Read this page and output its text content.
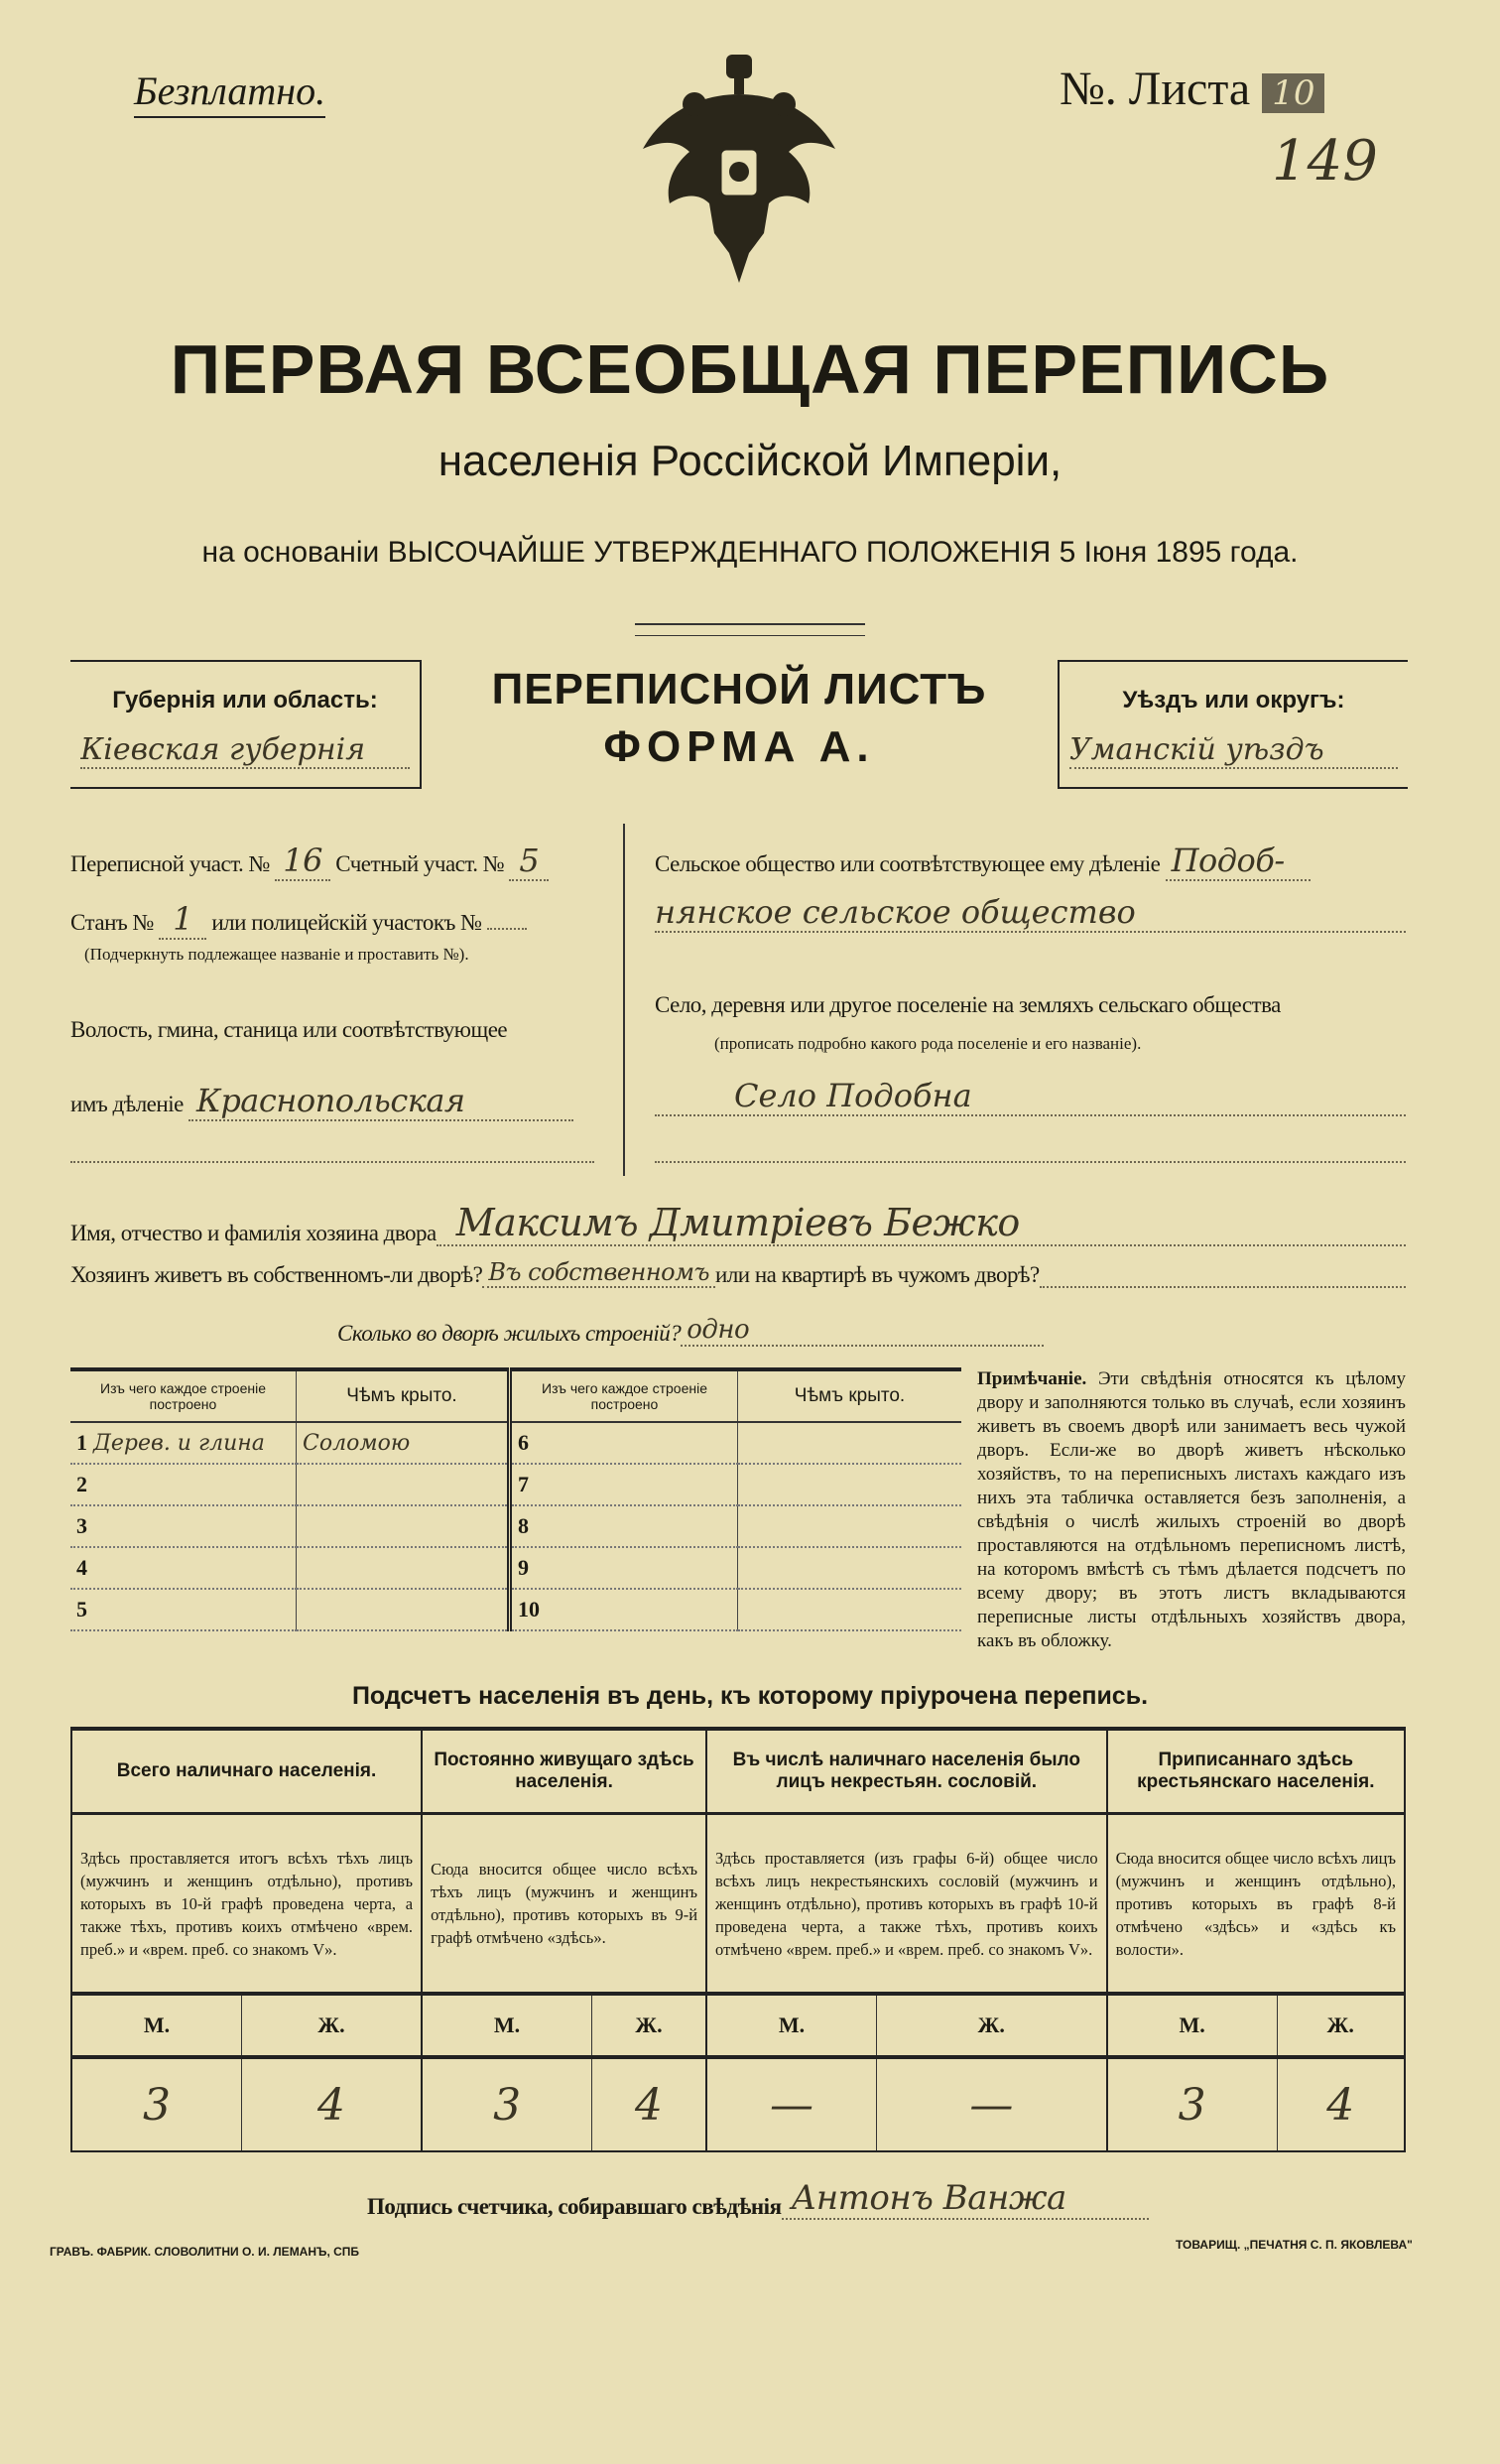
Безплатно.	№. Листа 10
149
ПЕРВАЯ ВСЕОБЩАЯ ПЕРЕПИСЬ
населенія Россійской Имперіи,
на основаніи ВЫСОЧАЙШЕ УТВЕРЖДЕННАГО ПОЛОЖЕНІЯ 5 Іюня 1895 года.
Губернія или область:
Кіевская губернія
ПЕРЕПИСНОЙ ЛИСТЪ
ФОРМА А.
Уѣздъ или округъ:
Уманскій уѣздъ
Переписной участ. № 16 Счетный участ. № 5
Станъ № 1 или полицейскій участокъ №
(Подчеркнуть подлежащее названіе и проставить №).
Волость, гмина, станица или соотвѣтствующее
имъ дѣленіе Краснопольская
Сельское общество или соотвѣтствующее ему дѣленіе Подоб-
нянское сельское общество
Село, деревня или другое поселеніе на земляхъ сельскаго общества
(прописать подробно какого рода поселеніе и его названіе).
Село Подобна
Имя, отчество и фамилія хозяина двора Максимъ Дмитріевъ Бежко
Хозяинъ живетъ въ собственномъ-ли дворѣ? Въ собственномъ или на квартирѣ въ чужомъ дворѣ?
Сколько во дворѣ жилыхъ строеній? одно
Изъ чего каждое строеніе построено	Чѣмъ крыто.	Изъ чего каждое строеніе построено	Чѣмъ крыто.
1 Дерев. и глина	Соломою	6	
2		7	
3		8	
4		9	
5		10	
Примѣчаніе. Эти свѣдѣнія относятся къ цѣлому двору и заполняются только въ случаѣ, если хозяинъ живетъ въ своемъ дворѣ или занимаетъ весь чужой дворъ. Если-же во дворѣ живетъ нѣсколько хозяйствъ, то на переписныхъ листахъ каждаго изъ нихъ эта табличка оставляется безъ заполненія, а свѣдѣнія о числѣ жилыхъ строеній во дворѣ проставляются на отдѣльномъ переписномъ листѣ, на которомъ вмѣстѣ съ тѣмъ дѣлается подсчетъ по всему двору; въ этотъ листъ вкладываются переписные листы отдѣльныхъ хозяйствъ двора, какъ въ обложку.
Подсчетъ населенія въ день, къ которому пріурочена перепись.
Всего наличнаго населенія.		Постоянно живущаго здѣсь населенія.		Въ числѣ наличнаго населенія было лицъ некрестьян. сословій.		Приписаннаго здѣсь крестьянскаго населенія.	
Здѣсь проставляется итогъ всѣхъ тѣхъ лицъ (мужчинъ и женщинъ отдѣльно), противъ которыхъ въ 10-й графѣ проведена черта, а также тѣхъ, противъ коихъ отмѣчено «врем. преб.» и «врем. преб. со знакомъ V».		Сюда вносится общее число всѣхъ тѣхъ лицъ (мужчинъ и женщинъ отдѣльно), противъ которыхъ въ 9-й графѣ отмѣчено «здѣсь».		Здѣсь проставляется (изъ графы 6-й) общее число всѣхъ лицъ некрестьянскихъ сословій (мужчинъ и женщинъ отдѣльно), противъ которыхъ въ графѣ 10-й проведена черта, а также тѣхъ, противъ коихъ отмѣчено «врем. преб.» и «врем. преб. со знакомъ V».		Сюда вносится общее число всѣхъ лицъ (мужчинъ и женщинъ отдѣльно), противъ которыхъ въ графѣ 8-й отмѣчено «здѣсь» и «здѣсь къ волости».	
М.	Ж.	М.	Ж.	М.	Ж.	М.	Ж.
3	4	3	4	—	—	3	4
Подпись счетчика, собиравшаго свѣдѣнія Антонъ Ванжа
ГРАВЪ. ФАБРИК. СЛОВОЛИТНИ О. И. ЛЕМАНЪ, СПБ	ТОВАРИЩ. „ПЕЧАТНЯ С. П. ЯКОВЛЕВА"
